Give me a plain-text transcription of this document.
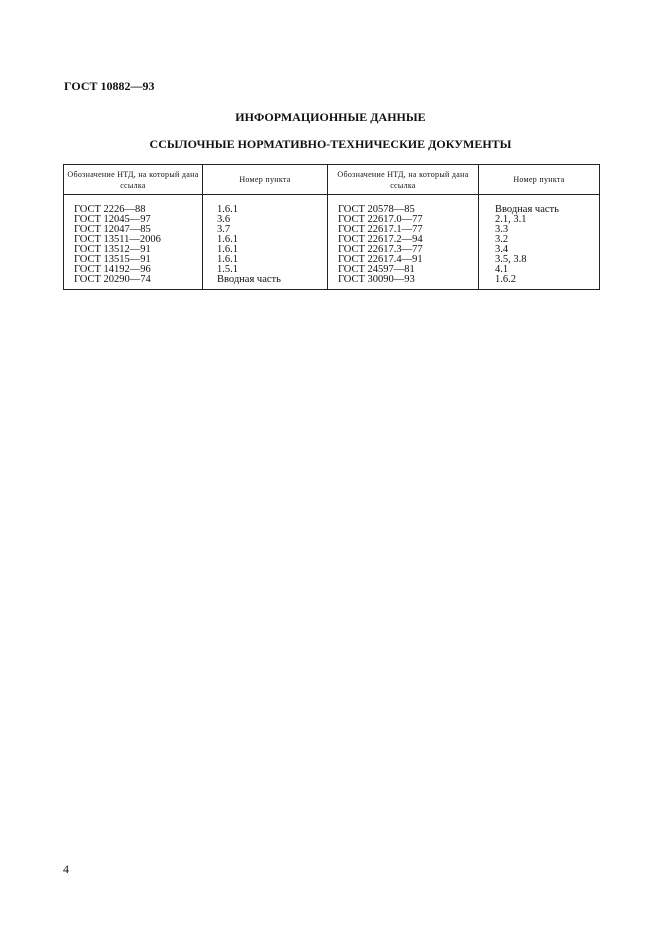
ГОСТ 10882—93
ИНФОРМАЦИОННЫЕ ДАННЫЕ
ССЫЛОЧНЫЕ НОРМАТИВНО-ТЕХНИЧЕСКИЕ ДОКУМЕНТЫ
Обозначение НТД, на который дана ссылка	Номер пункта	Обозначение НТД, на который дана ссылка	Номер пункта

ГОСТ 2226—88	1.6.1	ГОСТ 20578—85	Вводная часть
ГОСТ 12045—97	3.6	ГОСТ 22617.0—77	2.1, 3.1
ГОСТ 12047—85	3.7	ГОСТ 22617.1—77	3.3
ГОСТ 13511—2006	1.6.1	ГОСТ 22617.2—94	3.2
ГОСТ 13512—91	1.6.1	ГОСТ 22617.3—77	3.4
ГОСТ 13515—91	1.6.1	ГОСТ 22617.4—91	3.5, 3.8
ГОСТ 14192—96	1.5.1	ГОСТ 24597—81	4.1
ГОСТ 20290—74	Вводная часть	ГОСТ 30090—93	1.6.2
4
